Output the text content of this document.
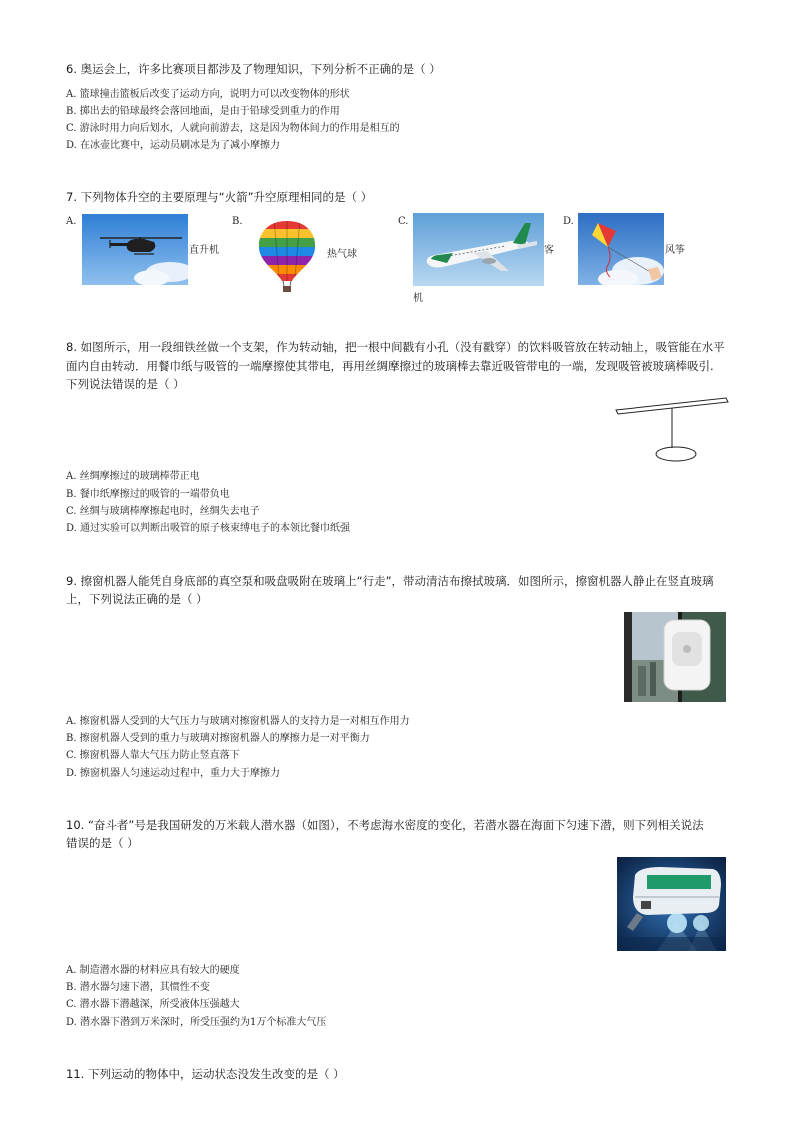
6. 奥运会上，许多比赛项目都涉及了物理知识，下列分析不正确的是（ ）
A. 篮球撞击篮板后改变了运动方向，说明力可以改变物体的形状
B. 掷出去的铅球最终会落回地面，是由于铅球受到重力的作用
C. 游泳时用力向后划水，人就向前游去，这是因为物体间力的作用是相互的
D. 在冰壶比赛中，运动员刷冰是为了减小摩擦力
7. 下列物体升空的主要原理与“火箭”升空原理相同的是（ ）
A.
直升机
B.
热气球
C.
客
机
D.
风筝
8. 如图所示，用一段细铁丝做一个支架，作为转动轴，把一根中间戳有小孔（没有戳穿）的饮料吸管放在转动轴上，吸管能在水平
面内自由转动．用餐巾纸与吸管的一端摩擦使其带电，再用丝绸摩擦过的玻璃棒去靠近吸管带电的一端，发现吸管被玻璃棒吸引.
下列说法错误的是（ ）
A. 丝绸摩擦过的玻璃棒带正电
B. 餐巾纸摩擦过的吸管的一端带负电
C. 丝绸与玻璃棒摩擦起电时，丝绸失去电子
D. 通过实验可以判断出吸管的原子核束缚电子的本领比餐巾纸强
9. 擦窗机器人能凭自身底部的真空泵和吸盘吸附在玻璃上“行走”，带动清洁布擦拭玻璃．如图所示，擦窗机器人静止在竖直玻璃
上，下列说法正确的是（ ）
A. 擦窗机器人受到的大气压力与玻璃对擦窗机器人的支持力是一对相互作用力
B. 擦窗机器人受到的重力与玻璃对擦窗机器人的摩擦力是一对平衡力
C. 擦窗机器人靠大气压力防止竖直落下
D. 擦窗机器人匀速运动过程中，重力大于摩擦力
10. “奋斗者”号是我国研发的万米载人潜水器（如图），不考虑海水密度的变化，若潜水器在海面下匀速下潜，则下列相关说法
错误的是（ ）
A. 制造潜水器的材料应具有较大的硬度
B. 潜水器匀速下潜，其惯性不变
C. 潜水器下潜越深，所受液体压强越大
D. 潜水器下潜到万米深时，所受压强约为1万个标准大气压
11. 下列运动的物体中，运动状态没发生改变的是（ ）
